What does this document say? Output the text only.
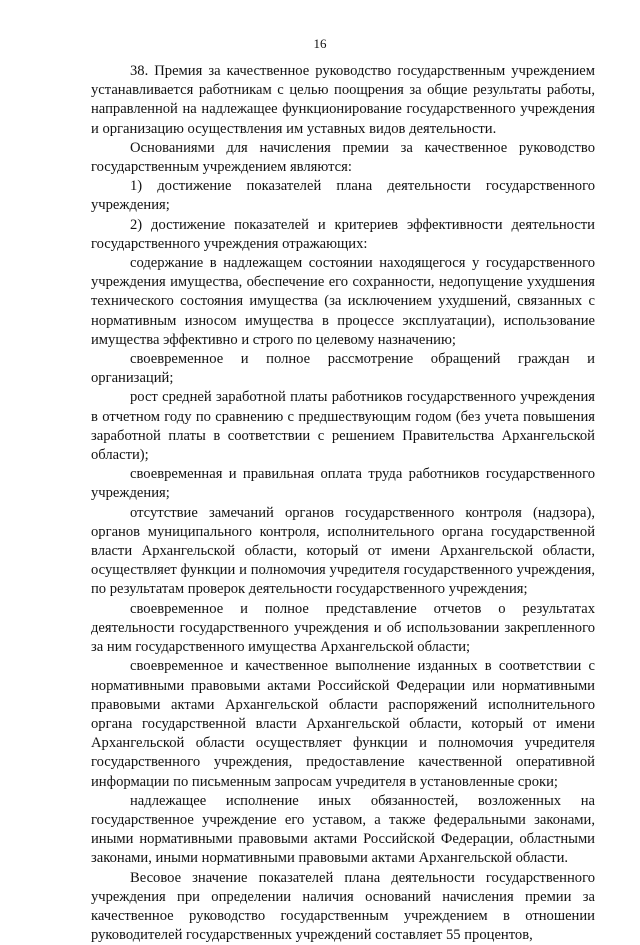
16

38. Премия за качественное руководство государственным учреждением устанавливается работникам с целью поощрения за общие результаты работы, направленной на надлежащее функционирование государственного учреждения и организацию осуществления им уставных видов деятельности.

Основаниями для начисления премии за качественное руководство государственным учреждением являются:

1) достижение показателей плана деятельности государственного учреждения;

2) достижение показателей и критериев эффективности деятельности государственного учреждения отражающих:

содержание в надлежащем состоянии находящегося у государственного учреждения имущества, обеспечение его сохранности, недопущение ухудшения технического состояния имущества (за исключением ухудшений, связанных с нормативным износом имущества в процессе эксплуатации), использование имущества эффективно и строго по целевому назначению;

своевременное и полное рассмотрение обращений граждан и организаций;

рост средней заработной платы работников государственного учреждения в отчетном году по сравнению с предшествующим годом (без учета повышения заработной платы в соответствии с решением Правительства Архангельской области);

своевременная и правильная оплата труда работников государственного учреждения;

отсутствие замечаний органов государственного контроля (надзора), органов муниципального контроля, исполнительного органа государственной власти Архангельской области, который от имени Архангельской области, осуществляет функции и полномочия учредителя государственного учреждения, по результатам проверок деятельности государственного учреждения;

своевременное и полное представление отчетов о результатах деятельности государственного учреждения и об использовании закрепленного за ним государственного имущества Архангельской области;

своевременное и качественное выполнение изданных в соответствии с нормативными правовыми актами Российской Федерации или нормативными правовыми актами Архангельской области распоряжений исполнительного органа государственной власти Архангельской области, который от имени Архангельской области осуществляет функции и полномочия учредителя государственного учреждения, предоставление качественной оперативной информации по письменным запросам учредителя в установленные сроки;

надлежащее исполнение иных обязанностей, возложенных на государственное учреждение его уставом, а также федеральными законами, иными нормативными правовыми актами Российской Федерации, областными законами, иными нормативными правовыми актами Архангельской области.

Весовое значение показателей плана деятельности государственного учреждения при определении наличия оснований начисления премии за качественное руководство государственным учреждением в отношении руководителей государственных учреждений составляет 55 процентов,
